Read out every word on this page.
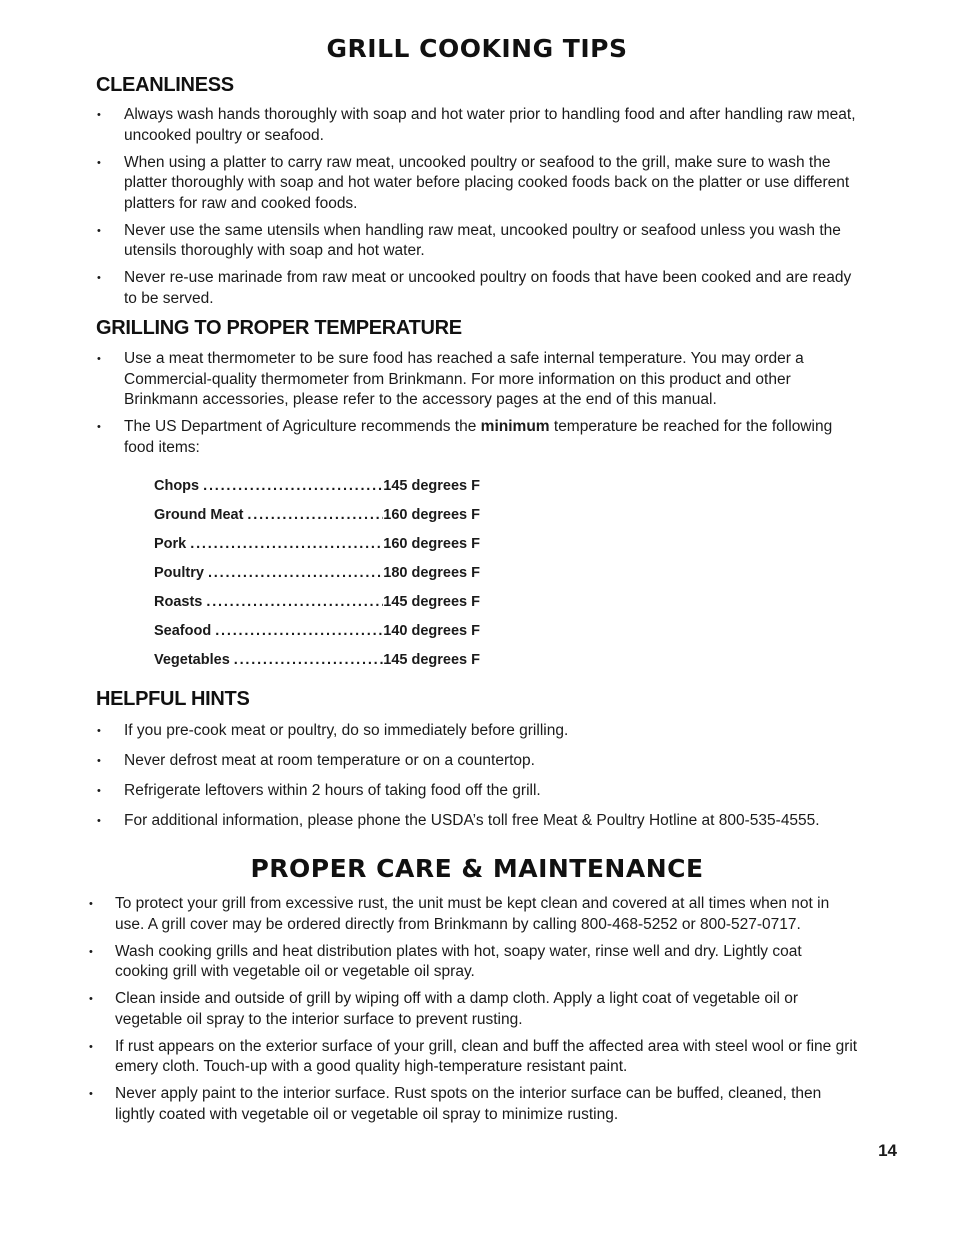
GRILL COOKING TIPS
CLEANLINESS
• Always wash hands thoroughly with soap and hot water prior to handling food and after handling raw meat, uncooked poultry or seafood.
• When using a platter to carry raw meat, uncooked poultry or seafood to the grill, make sure to wash the platter thoroughly with soap and hot water before placing cooked foods back on the platter or use different platters for raw and cooked foods.
• Never use the same utensils when handling raw meat, uncooked poultry or seafood unless you wash the utensils thoroughly with soap and hot water.
• Never re-use marinade from raw meat or uncooked poultry on foods that have been cooked and are ready to be served.
GRILLING TO PROPER TEMPERATURE
• Use a meat thermometer to be sure food has reached a safe internal temperature. You may order a Commercial-quality thermometer from Brinkmann. For more information on this product and other Brinkmann accessories, please refer to the accessory pages at the end of this manual.
• The US Department of Agriculture recommends the minimum temperature be reached for the following food items:
Chops .....	145 degrees F
Ground Meat .....	160 degrees F
Pork .....	160 degrees F
Poultry .....	180 degrees F
Roasts .....	145 degrees F
Seafood .....	140 degrees F
Vegetables .....	145 degrees F
HELPFUL HINTS
• If you pre-cook meat or poultry, do so immediately before grilling.
• Never defrost meat at room temperature or on a countertop.
• Refrigerate leftovers within 2 hours of taking food off the grill.
• For additional information, please phone the USDA’s toll free Meat & Poultry Hotline at 800-535-4555.
PROPER CARE & MAINTENANCE
• To protect your grill from excessive rust, the unit must be kept clean and covered at all times when not in use. A grill cover may be ordered directly from Brinkmann by calling 800-468-5252 or 800-527-0717.
• Wash cooking grills and heat distribution plates with hot, soapy water, rinse well and dry. Lightly coat cooking grill with vegetable oil or vegetable oil spray.
• Clean inside and outside of grill by wiping off with a damp cloth. Apply a light coat of vegetable oil or vegetable oil spray to the interior surface to prevent rusting.
• If rust appears on the exterior surface of your grill, clean and buff the affected area with steel wool or fine grit emery cloth. Touch-up with a good quality high-temperature resistant paint.
• Never apply paint to the interior surface. Rust spots on the interior surface can be buffed, cleaned, then lightly coated with vegetable oil or vegetable oil spray to minimize rusting.
14
